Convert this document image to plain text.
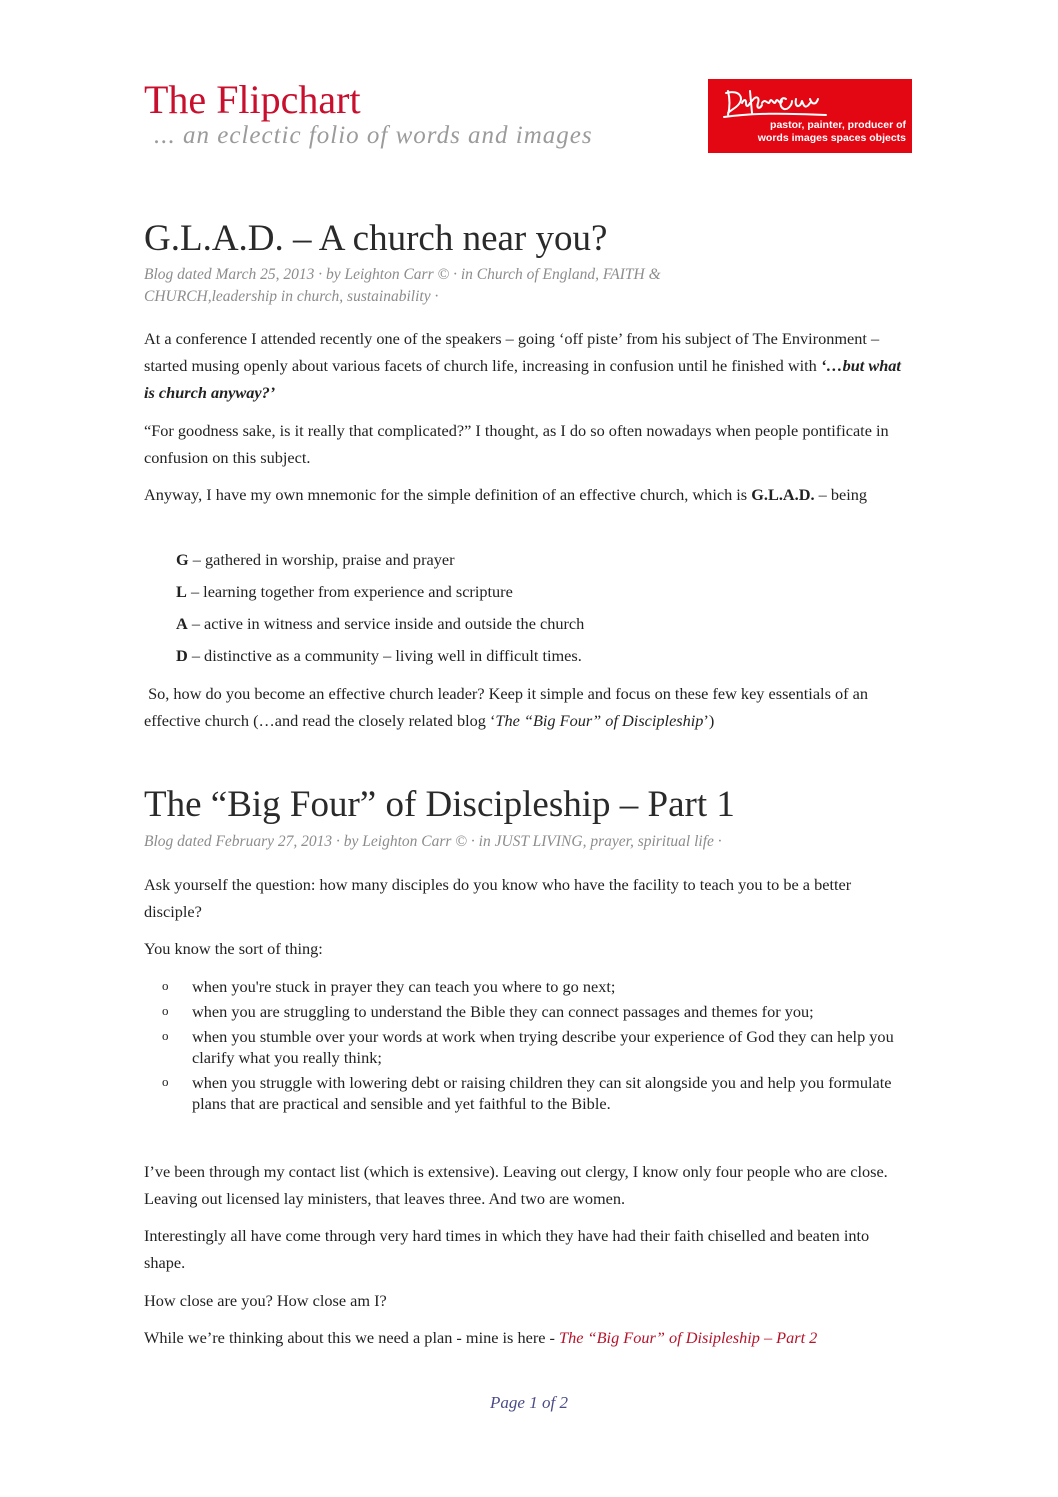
The Flipchart

... an eclectic folio of words and images	pastor, painter, producer of
words images spaces objects

G.L.A.D. – A church near you?

Blog dated March 25, 2013 · by Leighton Carr © · in Church of England, FAITH &
CHURCH,leadership in church, sustainability ·

At a conference I attended recently one of the speakers – going ‘off piste’ from his subject of The Environment – started musing openly about various facets of church life, increasing in confusion until he finished with ‘…but what is church anyway?’

“For goodness sake, is it really that complicated?” I thought, as I do so often nowadays when people pontificate in confusion on this subject.

Anyway, I have my own mnemonic for the simple definition of an effective church, which is G.L.A.D. – being

G – gathered in worship, praise and prayer

L – learning together from experience and scripture

A – active in witness and service inside and outside the church

D – distinctive as a community – living well in difficult times.

So, how do you become an effective church leader? Keep it simple and focus on these few key essentials of an effective church (…and read the closely related blog ‘The “Big Four” of Discipleship’)

The “Big Four” of Discipleship – Part 1

Blog dated February 27, 2013 · by Leighton Carr © · in JUST LIVING, prayer, spiritual life ·

Ask yourself the question: how many disciples do you know who have the facility to teach you to be a better disciple?

You know the sort of thing:

o when you're stuck in prayer they can teach you where to go next;
o when you are struggling to understand the Bible they can connect passages and themes for you;
o when you stumble over your words at work when trying describe your experience of God they can help you clarify what you really think;
o when you struggle with lowering debt or raising children they can sit alongside you and help you formulate plans that are practical and sensible and yet faithful to the Bible.

I’ve been through my contact list (which is extensive). Leaving out clergy, I know only four people who are close. Leaving out licensed lay ministers, that leaves three. And two are women.

Interestingly all have come through very hard times in which they have had their faith chiselled and beaten into shape.

How close are you? How close am I?

While we’re thinking about this we need a plan - mine is here - The “Big Four” of Disipleship – Part 2

Page 1 of 2
